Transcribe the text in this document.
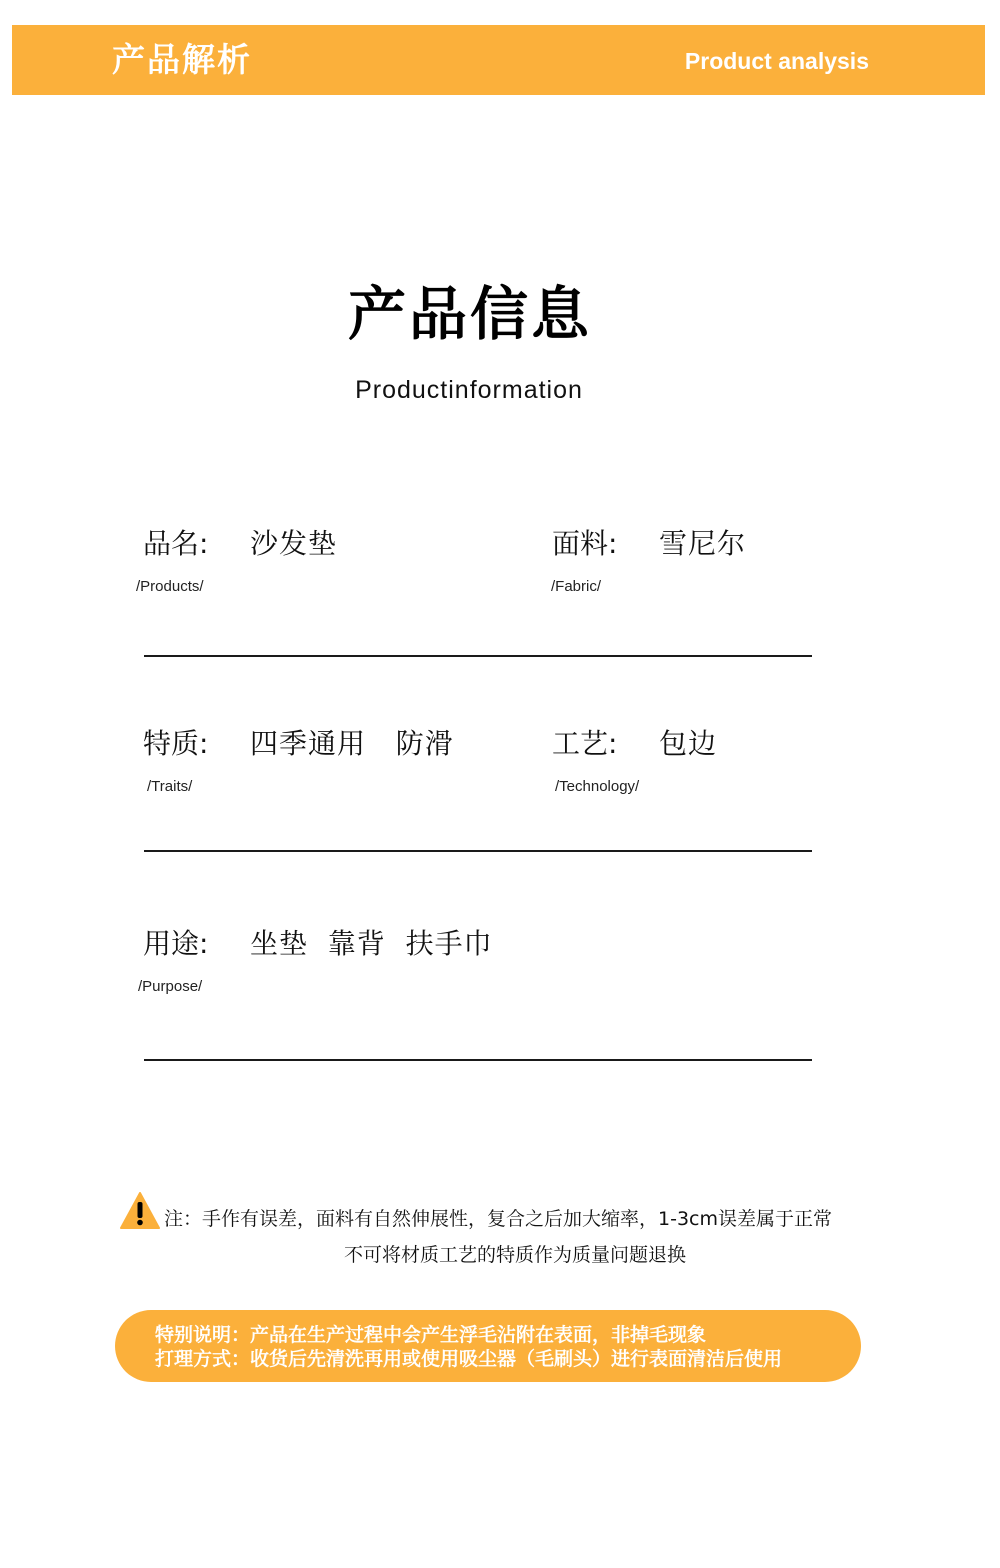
产品解析	Product analysis
产品信息
Productinformation
品名: 沙发垫
/Products/
面料: 雪尼尔
/Fabric/
特质: 四季通用   防滑
/Traits/
工艺: 包边
/Technology/
用途: 坐垫  靠背  扶手巾
/Purpose/
注：手作有误差，面料有自然伸展性，复合之后加大缩率，1-3cm误差属于正常
不可将材质工艺的特质作为质量问题退换
特别说明：产品在生产过程中会产生浮毛沾附在表面，非掉毛现象
打理方式：收货后先清洗再用或使用吸尘器（毛刷头）进行表面清洁后使用
